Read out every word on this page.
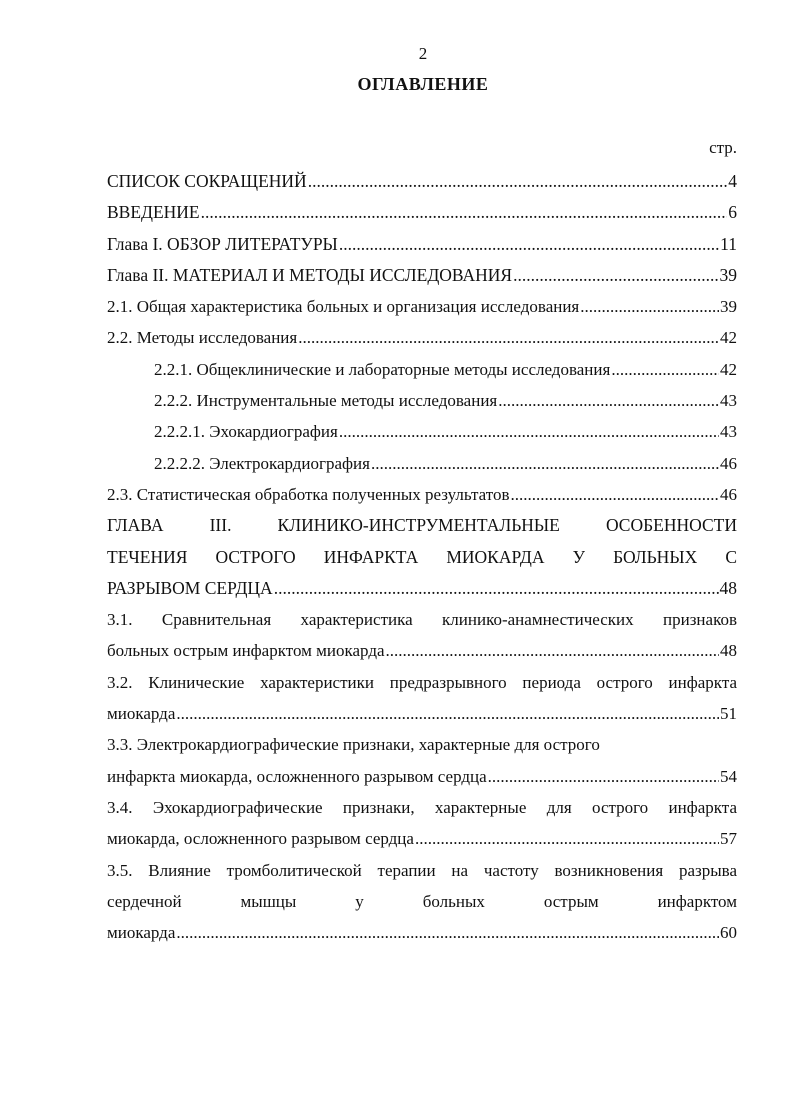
2
ОГЛАВЛЕНИЕ
стр.
СПИСОК СОКРАЩЕНИЙ .....	4
ВВЕДЕНИЕ .....	6
Глава I. ОБЗОР ЛИТЕРАТУРЫ .....	11
Глава II. МАТЕРИАЛ И МЕТОДЫ ИССЛЕДОВАНИЯ .....	39
2.1. Общая характеристика больных и организация исследования .....	39
2.2. Методы исследования .....	42
2.2.1. Общеклинические и лабораторные методы исследования .....	42
2.2.2. Инструментальные методы исследования .....	43
2.2.2.1. Эхокардиография .....	43
2.2.2.2. Электрокардиография .....	46
2.3. Статистическая обработка полученных результатов .....	46
ГЛАВА III. КЛИНИКО-ИНСТРУМЕНТАЛЬНЫЕ ОСОБЕННОСТИ
ТЕЧЕНИЯ ОСТРОГО ИНФАРКТА МИОКАРДА У БОЛЬНЫХ С
РАЗРЫВОМ СЕРДЦА .....	48
3.1. Сравнительная характеристика клинико-анамнестических признаков
больных острым инфарктом миокарда .....	48
3.2. Клинические характеристики предразрывного периода острого инфаркта
миокарда .....	51
3.3. Электрокардиографические признаки, характерные для острого
инфаркта миокарда, осложненного разрывом сердца .....	54
3.4. Эхокардиографические признаки, характерные для острого инфаркта
миокарда, осложненного разрывом сердца .....	57
3.5. Влияние тромболитической терапии на частоту возникновения разрыва
сердечной мышцы у больных острым инфарктом
миокарда .....	60
